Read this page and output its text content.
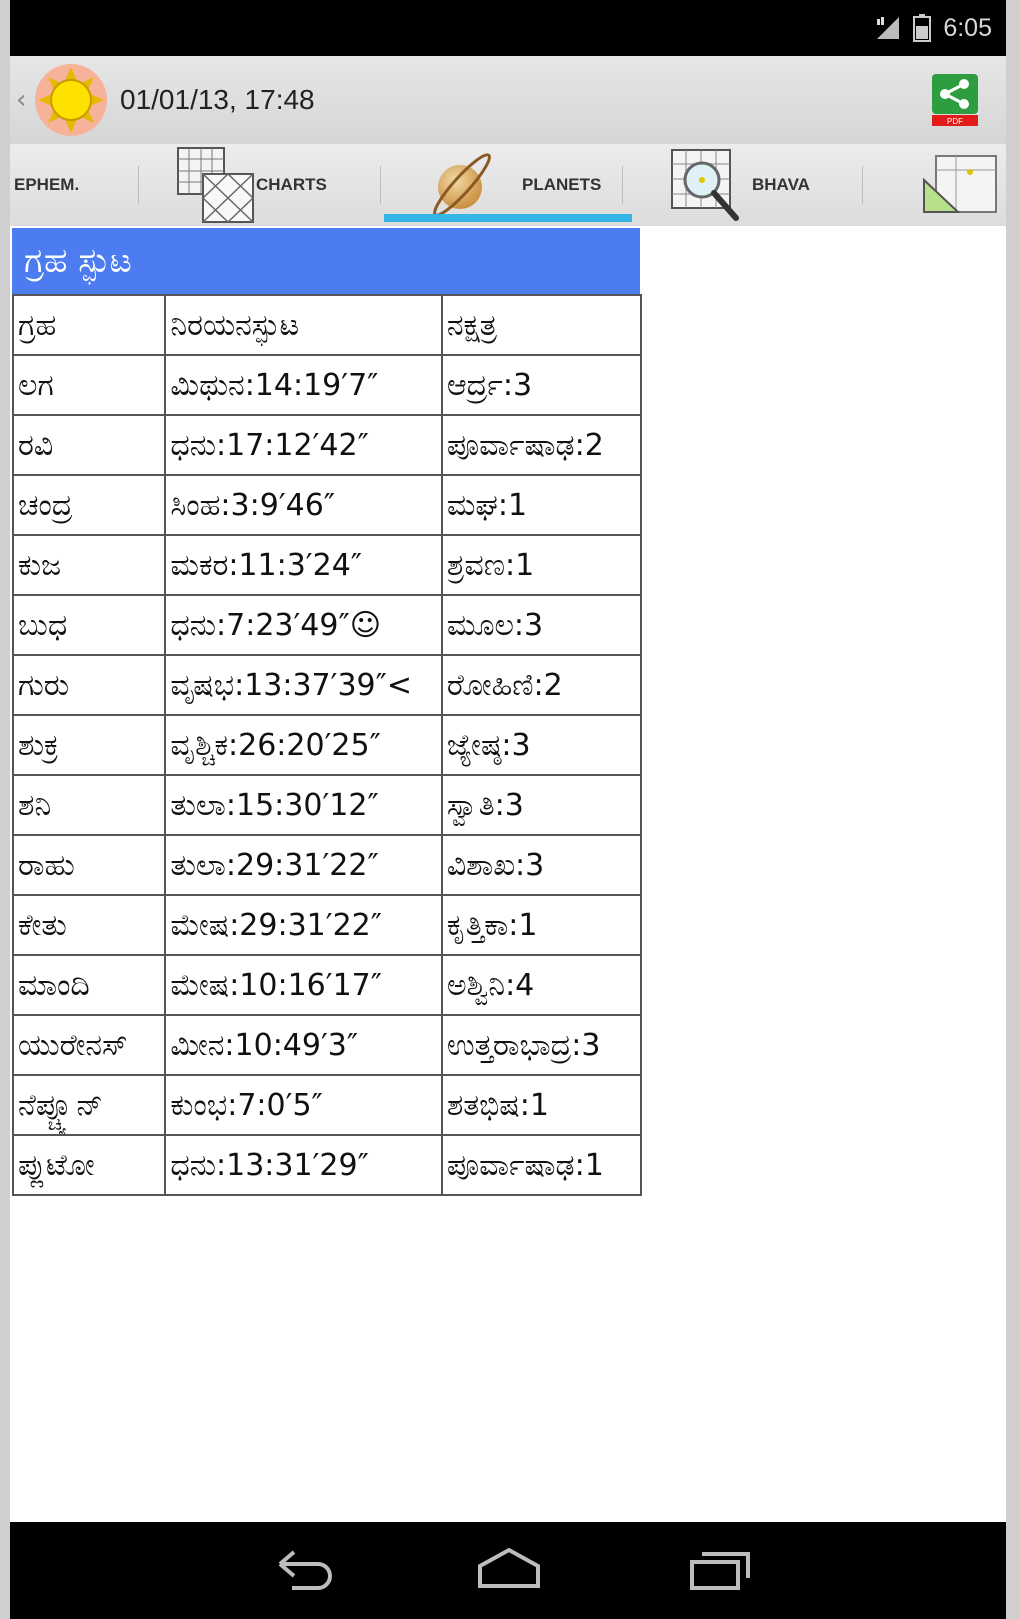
6:05
‹	01/01/13, 17:48
PDF
EPHEM.	CHARTS	PLANETS	BHAVA
ಗ್ರಹ ಸ್ಫುಟ
ಗ್ರಹ	ನಿರಯನಸ್ಫುಟ	ನಕ್ಷತ್ರ
ಲಗ	ಮಿಥುನ:14:19′7″	ಆರ್ದ್ರ:3
ರವಿ	ಧನು:17:12′42″	ಪೂರ್ವಾಷಾಢ:2
ಚಂದ್ರ	ಸಿಂಹ:3:9′46″	ಮಘ:1
ಕುಜ	ಮಕರ:11:3′24″	ಶ್ರವಣ:1
ಬುಧ	ಧನು:7:23′49″☺	ಮೂಲ:3
ಗುರು	ವೃಷಭ:13:37′39″<	ರೋಹಿಣಿ:2
ಶುಕ್ರ	ವೃಶ್ಚಿಕ:26:20′25″	ಜ್ಯೇಷ್ಠ:3
ಶನಿ	ತುಲಾ:15:30′12″	ಸ್ವಾತಿ:3
ರಾಹು	ತುಲಾ:29:31′22″	ವಿಶಾಖ:3
ಕೇತು	ಮೇಷ:29:31′22″	ಕೃತ್ತಿಕಾ:1
ಮಾಂದಿ	ಮೇಷ:10:16′17″	ಅಶ್ವಿನಿ:4
ಯುರೇನಸ್	ಮೀನ:10:49′3″	ಉತ್ತರಾಭಾದ್ರ:3
ನೆಪ್ಚ್ಯೂನ್	ಕುಂಭ:7:0′5″	ಶತಭಿಷ:1
ಪ್ಲುಟೋ	ಧನು:13:31′29″	ಪೂರ್ವಾಷಾಢ:1
